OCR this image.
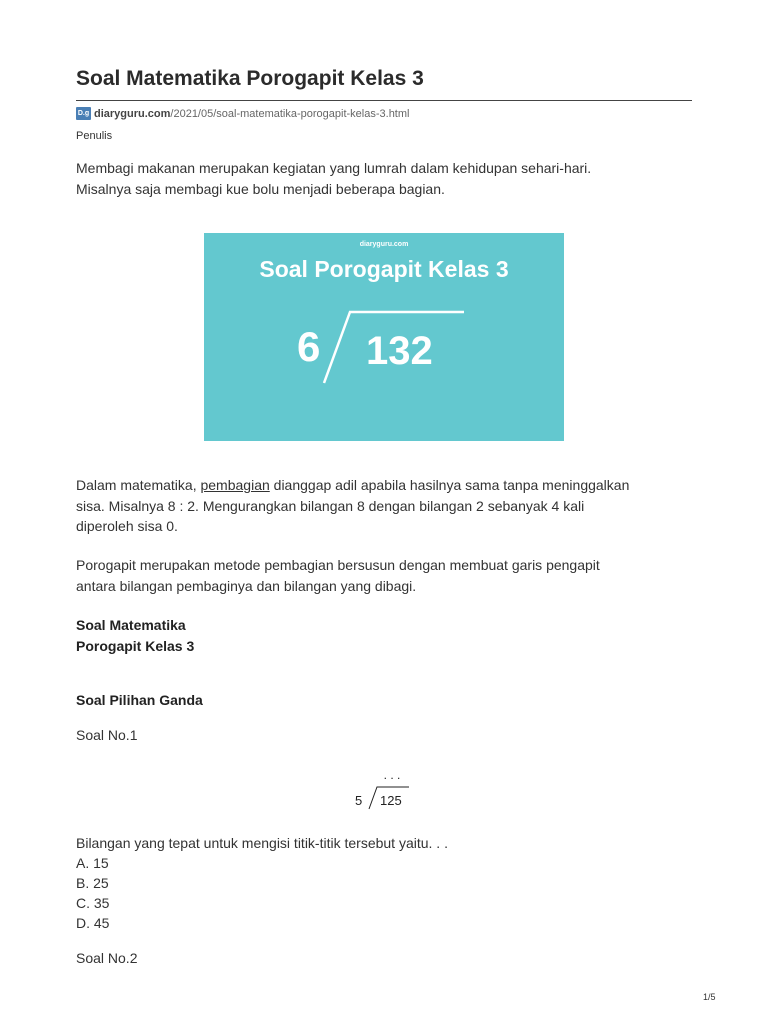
Soal Matematika Porogapit Kelas 3
D.g diaryguru.com/2021/05/soal-matematika-porogapit-kelas-3.html
Penulis

Membagi makanan merupakan kegiatan yang lumrah dalam kehidupan sehari-hari.
Misalnya saja membagi kue bolu menjadi beberapa bagian.

diaryguru.com
Soal Porogapit Kelas 3
6 132

Dalam matematika, pembagian dianggap adil apabila hasilnya sama tanpa meninggalkan
sisa. Misalnya 8 : 2. Mengurangkan bilangan 8 dengan bilangan 2 sebanyak 4 kali
diperoleh sisa 0.

Porogapit merupakan metode pembagian bersusun dengan membuat garis pengapit
antara bilangan pembaginya dan bilangan yang dibagi.

Soal Matematika
Porogapit Kelas 3

Soal Pilihan Ganda

Soal No.1

. . .
5 125

Bilangan yang tepat untuk mengisi titik-titik tersebut yaitu. . .

A. 15
B. 25
C. 35
D. 45

Soal No.2

1/5
